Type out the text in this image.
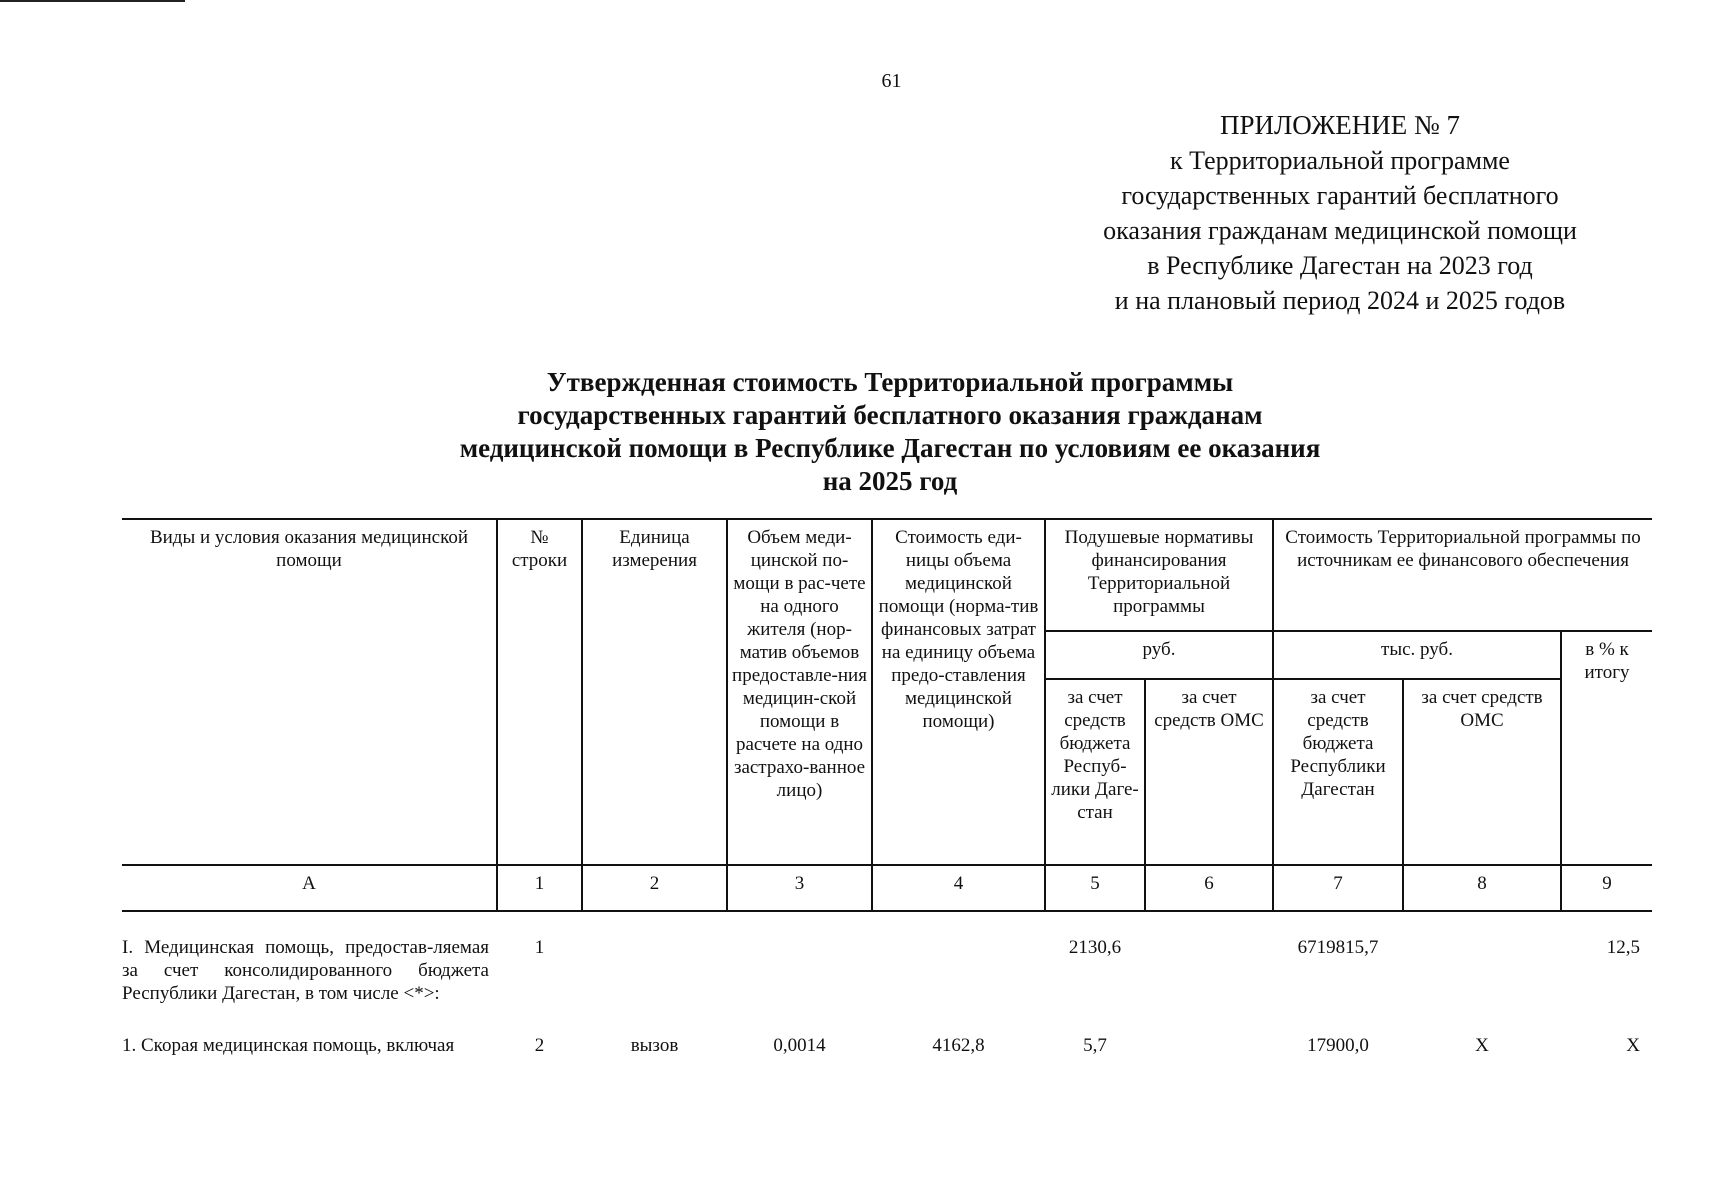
61
ПРИЛОЖЕНИЕ № 7
к Территориальной программе
государственных гарантий бесплатного
оказания гражданам медицинской помощи
в Республике Дагестан на 2023 год
и на плановый период 2024 и 2025 годов
Утвержденная стоимость Территориальной программы
государственных гарантий бесплатного оказания гражданам
медицинской помощи в Республике Дагестан по условиям ее оказания
на 2025 год
Виды и условия оказания медицинской помощи	№ строки	Единица измерения	Объем меди-цинской по-мощи в рас-чете на одного жителя (нор-матив объемов предоставле-ния медицин-ской помощи в расчете на одно застрахо-ванное лицо)	Стоимость еди-ницы объема медицинской помощи (норма-тив финансовых затрат на единицу объема предо-ставления медицинской помощи)	Подушевые нормативы финансирования Территориальной программы		Стоимость Территориальной программы по источникам ее финансового обеспечения		
					руб.		тыс. руб.		в % к итогу
					за счет средств бюджета Респуб-лики Даге-стан	за счет средств ОМС	за счет средств бюджета Республики Дагестан	за счет средств ОМС	
А	1	2	3	4	5	6	7	8	9

I. Медицинская помощь, предостав-ляемая за счет консолидированного бюджета Республики Дагестан, в том числе <*>:	1				2130,6		6719815,7		12,5
1. Скорая медицинская помощь, включая	2	вызов	0,0014	4162,8	5,7		17900,0	X	X
